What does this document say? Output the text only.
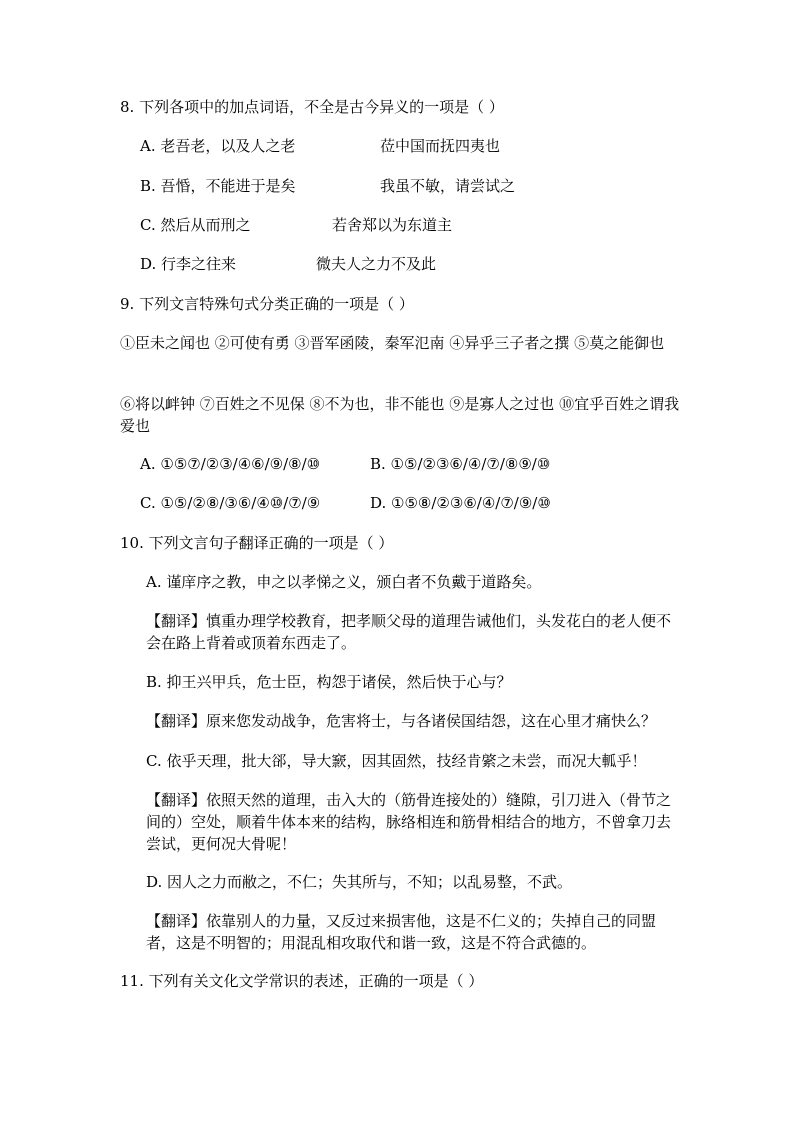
8. 下列各项中的加点词语，不全是古今异义的一项是（ ）
A. 老吾老，以及人之老	莅中国而抚四夷也
B. 吾惛，不能进于是矣	我虽不敏，请尝试之
C. 然后从而刑之	若舍郑以为东道主
D. 行李之往来	微夫人之力不及此
9. 下列文言特殊句式分类正确的一项是（ ）
①臣未之闻也 ②可使有勇 ③晋军函陵，秦军氾南 ④异乎三子者之撰 ⑤莫之能御也
⑥将以衅钟 ⑦百姓之不见保 ⑧不为也，非不能也 ⑨是寡人之过也 ⑩宜乎百姓之谓我爱也
A. ①⑤⑦/②③/④⑥/⑨/⑧/⑩	B. ①⑤/②③⑥/④/⑦/⑧⑨/⑩
C. ①⑤/②⑧/③⑥/④⑩/⑦/⑨	D. ①⑤⑧/②③⑥/④/⑦/⑨/⑩
10. 下列文言句子翻译正确的一项是（ ）
A. 谨庠序之教，申之以孝悌之义，颁白者不负戴于道路矣。
【翻译】慎重办理学校教育，把孝顺父母的道理告诫他们，头发花白的老人便不会在路上背着或顶着东西走了。
B. 抑王兴甲兵，危士臣，构怨于诸侯，然后快于心与？
【翻译】原来您发动战争，危害将士，与各诸侯国结怨，这在心里才痛快么？
C. 依乎天理，批大郤，导大窾，因其固然，技经肯綮之未尝，而况大軱乎！
【翻译】依照天然的道理，击入大的（筋骨连接处的）缝隙，引刀进入（骨节之间的）空处，顺着牛体本来的结构，脉络相连和筋骨相结合的地方，不曾拿刀去尝试，更何况大骨呢！
D. 因人之力而敝之，不仁；失其所与，不知；以乱易整，不武。
【翻译】依靠别人的力量，又反过来损害他，这是不仁义的；失掉自己的同盟者，这是不明智的；用混乱相攻取代和谐一致，这是不符合武德的。
11. 下列有关文化文学常识的表述，正确的一项是（ ）
